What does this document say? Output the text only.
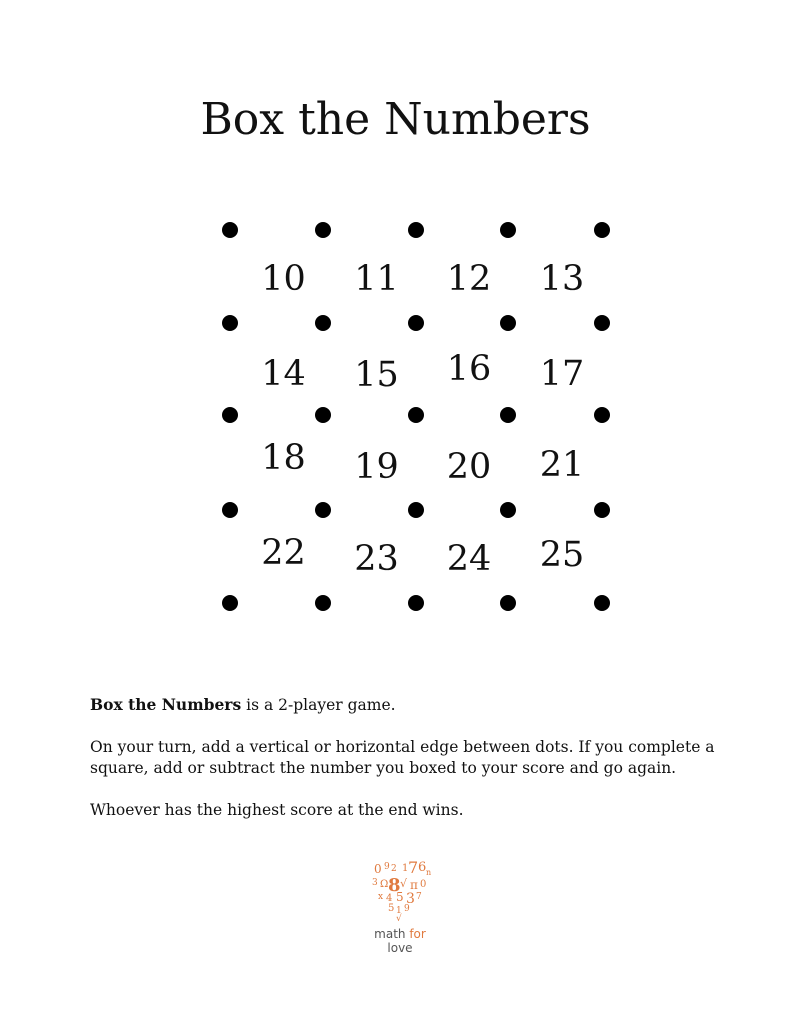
Box the Numbers
10 11 12 13
14 15 16 17
18 19 20 21
22 23 24 25

Box the Numbers is a 2-player game.

On your turn, add a vertical or horizontal edge between dots. If you complete a square, add or subtract the number you boxed to your score and go again.

Whoever has the highest score at the end wins.

0 9 2 1 7 6 n
3 Ω 8 √ π 0
x 4 5 3 7
5 1 9
√
math for love
